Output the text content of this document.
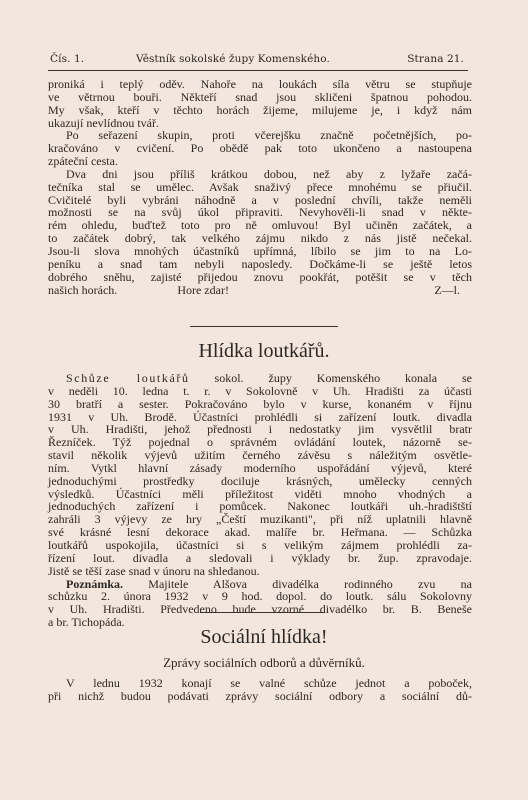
Čís. 1.	Věstník sokolské župy Komenského.	Strana 21.

proniká i teplý oděv. Nahoře na loukách síla větru se stupňuje
ve větrnou bouři. Někteří snad jsou skličeni špatnou pohodou.
My však, kteří v těchto horách žijeme, milujeme je, i když nám

ukazují nevlídnou tvář.

Po seřazení skupin, proti včerejšku značně početnějších, po-
kračováno v cvičení. Po obědě pak toto ukončeno a nastoupena

zpáteční cesta.

Dva dni jsou příliš krátkou dobou, než aby z lyžaře začá-
tečníka stal se umělec. Avšak snaživý přece mnohému se přiučil.
Cvičitelé byli vybráni náhodně a v poslední chvíli, takže neměli
možnosti se na svůj úkol připraviti. Nevyhověli-li snad v někte-
rém ohledu, buďtež toto pro ně omluvou! Byl učiněn začátek, a
to začátek dobrý, tak velkého zájmu nikdo z nás jistě nečekal.
Jsou-li slova mnohých účastníků upřímná, líbilo se jim to na Lo-
peníku a snad tam nebyli naposledy. Dočkáme-li se ještě letos
dobrého sněhu, zajisté přijedou znovu pookřát, potěšit se v těch

našich horách.	Hore zdar!	Z—l.
Hlídka loutkářů.

Schůze loutkářů sokol. župy Komenského konala se
v neděli 10. ledna t. r. v Sokolovně v Uh. Hradišti za účasti
30 bratří a sester. Pokračováno bylo v kurse, konaném v říjnu
1931 v Uh. Brodě. Účastníci prohlédli si zařízení loutk. divadla
v Uh. Hradišti, jehož přednosti i nedostatky jim vysvětlil bratr
Řezníček. Týž pojednal o správném ovládání loutek, názorně se-
stavil několik výjevů užitím černého závěsu s náležitým osvětle-
ním. Vytkl hlavní zásady moderního uspořádání výjevů, které
jednoduchými prostředky dociluje krásných, umělecky cenných
výsledků. Účastníci měli příležitost viděti mnoho vhodných a
jednoduchých zařízení i pomůcek. Nakonec loutkáři uh.-hradištští
zahráli 3 výjevy ze hry „Čeští muzikanti", při níž uplatnili hlavně
své krásné lesní dekorace akad. malíře br. Heřmana. — Schůzka
loutkářů uspokojila, účastníci si s velikým zájmem prohlédli za-
řízení lout. divadla a sledovali i výklady br. žup. zpravodaje.

Jistě se těší zase snad v únoru na shledanou.

Poznámka. Majitele Alšova divadélka rodinného zvu na
schůzku 2. února 1932 v 9 hod. dopol. do loutk. sálu Sokolovny
v Uh. Hradišti. Předvedeno bude vzorné divadélko br. B. Beneše

a br. Tichopáda.

Sociální hlídka!
Zprávy sociálních odborů a důvěrníků.

V lednu 1932 konají se valné schůze jednot a poboček,
při nichž budou podávati zprávy sociální odbory a sociální dů-
